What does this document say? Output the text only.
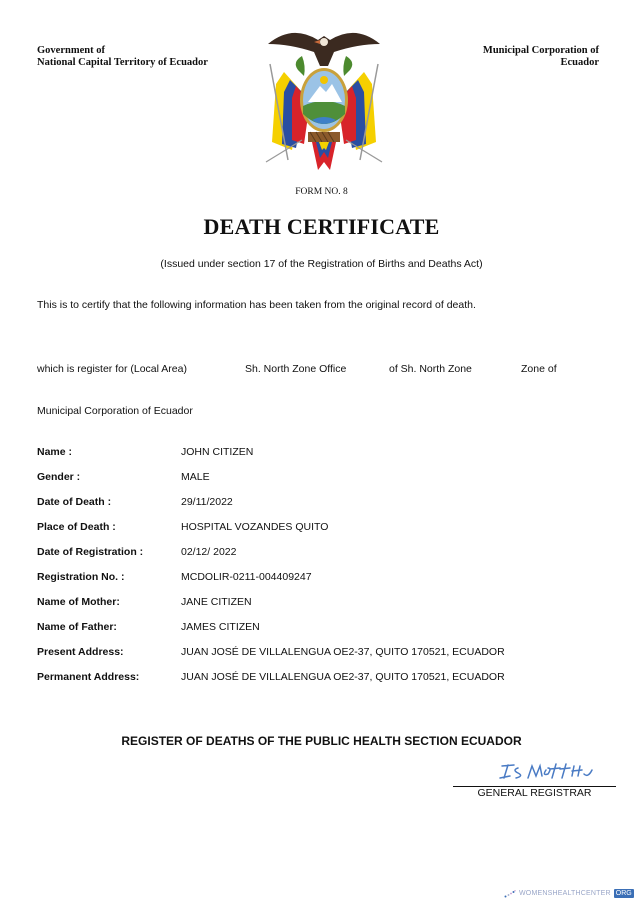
Government of
National Capital Territory of Ecuador
Municipal Corporation of
Ecuador
FORM NO. 8
DEATH CERTIFICATE
(Issued under section 17 of the Registration of Births and Deaths Act)
This is to certify that the following information has been taken from the original record of death.
which is register for (Local Area)	Sh. North Zone Office	of Sh. North Zone	Zone of
Municipal Corporation of Ecuador
Name :	JOHN CITIZEN
Gender :	MALE
Date of Death :	29/11/2022
Place of Death :	HOSPITAL VOZANDES QUITO
Date of Registration :	02/12/ 2022
Registration No. :	MCDOLIR-0211-004409247
Name of Mother:	JANE CITIZEN
Name of Father:	JAMES CITIZEN
Present Address:	JUAN JOSÉ DE VILLALENGUA OE2-37, QUITO 170521, ECUADOR
Permanent Address:	JUAN JOSÉ DE VILLALENGUA OE2-37, QUITO 170521, ECUADOR
REGISTER OF DEATHS OF THE PUBLIC HEALTH SECTION ECUADOR
GENERAL REGISTRAR
WOMENSHEALTHCENTER ORG
